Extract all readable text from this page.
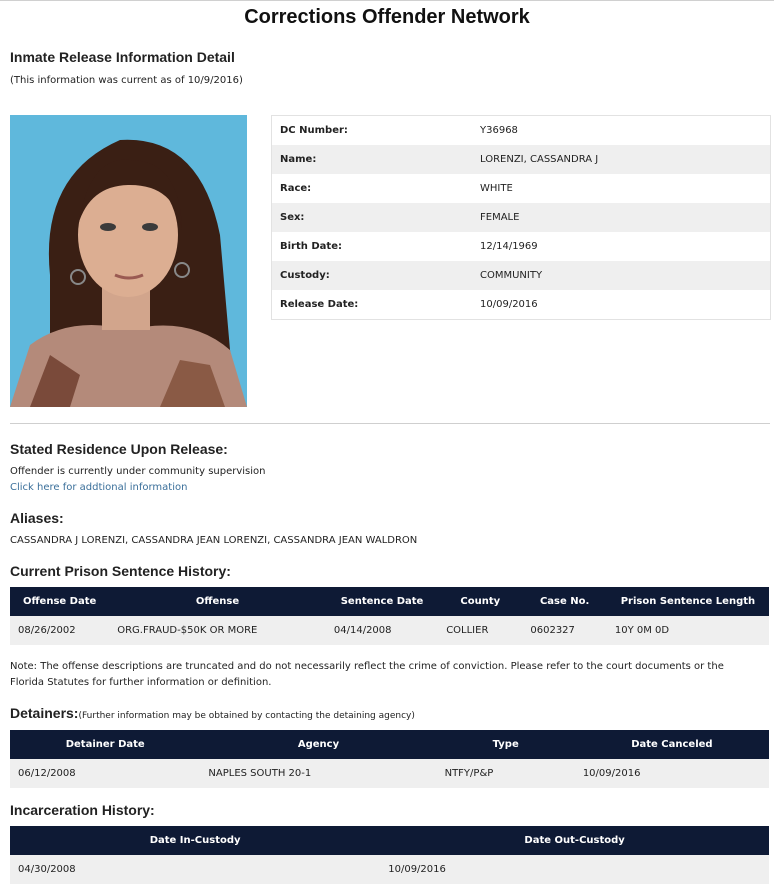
Corrections Offender Network
Inmate Release Information Detail
(This information was current as of 10/9/2016)
DC Number:	Y36968
Name:	LORENZI, CASSANDRA J
Race:	WHITE
Sex:	FEMALE
Birth Date:	12/14/1969
Custody:	COMMUNITY
Release Date:	10/09/2016
Stated Residence Upon Release:
Offender is currently under community supervision
Click here for addtional information
Aliases:
CASSANDRA J LORENZI, CASSANDRA JEAN LORENZI, CASSANDRA JEAN WALDRON
Current Prison Sentence History:
Offense Date	Offense	Sentence Date	County	Case No.	Prison Sentence Length
08/26/2002	ORG.FRAUD-$50K OR MORE	04/14/2008	COLLIER	0602327	10Y 0M 0D
Note: The offense descriptions are truncated and do not necessarily reflect the crime of conviction. Please refer to the court documents or the Florida Statutes for further information or definition.
Detainers:(Further information may be obtained by contacting the detaining agency)
Detainer Date	Agency	Type	Date Canceled
06/12/2008	NAPLES SOUTH 20-1	NTFY/P&P	10/09/2016
Incarceration History:
Date In-Custody	Date Out-Custody
04/30/2008	10/09/2016
